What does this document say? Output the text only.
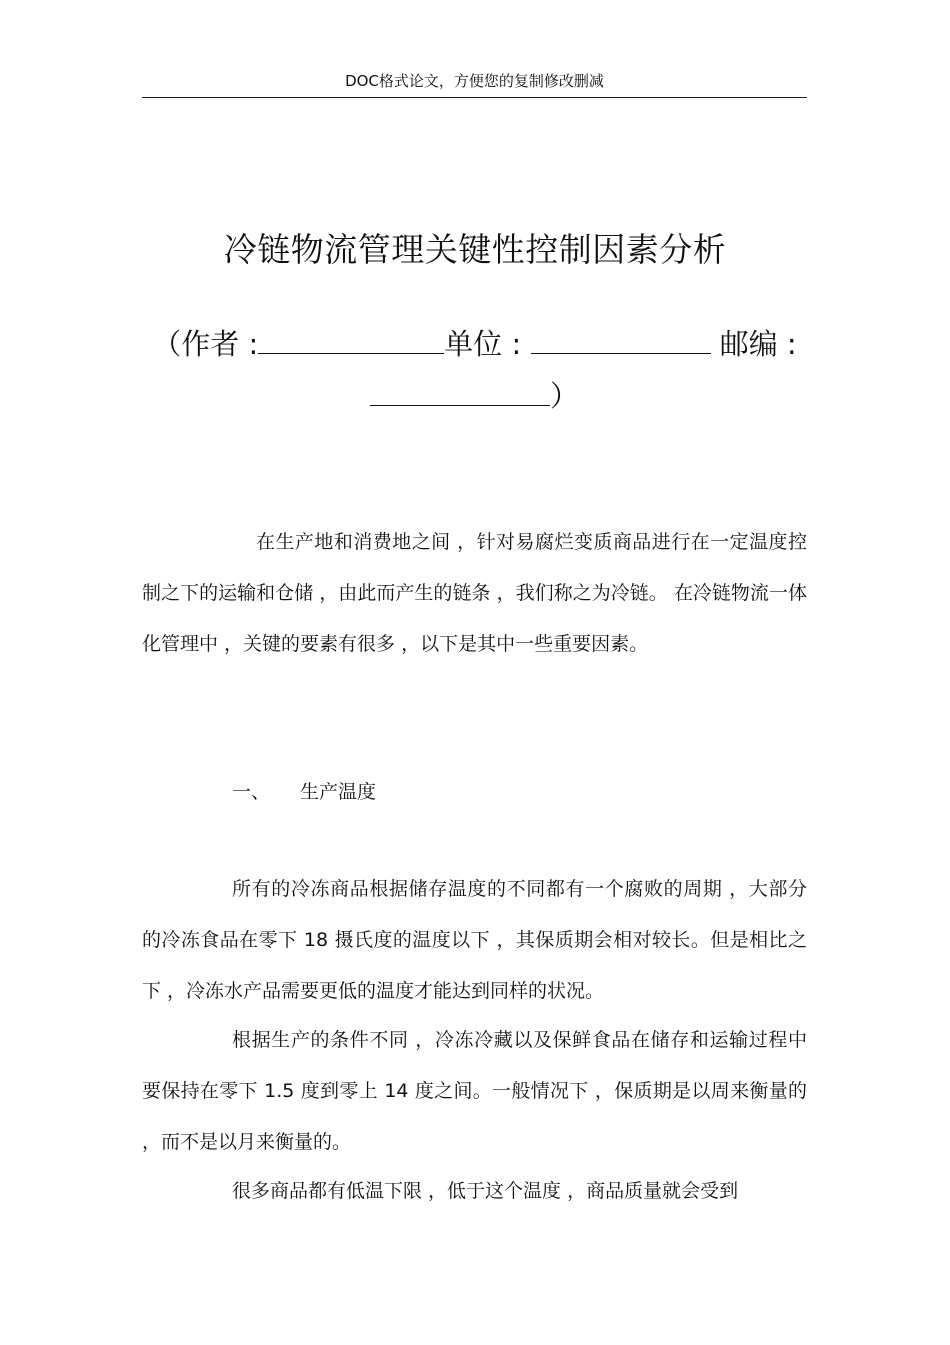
DOC格式论文，方便您的复制修改删减
冷链物流管理关键性控制因素分析
（作者 :	单位 :	邮编 :
）
在生产地和消费地之间 ，针对易腐烂变质商品进行在一定温度控制之下的运输和仓储 ，由此而产生的链条 ，我们称之为冷链。 在冷链物流一体化管理中 ，关键的要素有很多 ，以下是其中一些重要因素。
一、 生产温度
所有的冷冻商品根据储存温度的不同都有一个腐败的周期 ，大部分的冷冻食品在零下 18 摄氏度的温度以下 ，其保质期会相对较长。但是相比之下 ，冷冻水产品需要更低的温度才能达到同样的状况。
根据生产的条件不同 ，冷冻冷藏以及保鲜食品在储存和运输过程中要保持在零下 1.5 度到零上 14 度之间。一般情况下 ，保质期是以周来衡量的 ，而不是以月来衡量的。
很多商品都有低温下限 ，低于这个温度 ，商品质量就会受到
